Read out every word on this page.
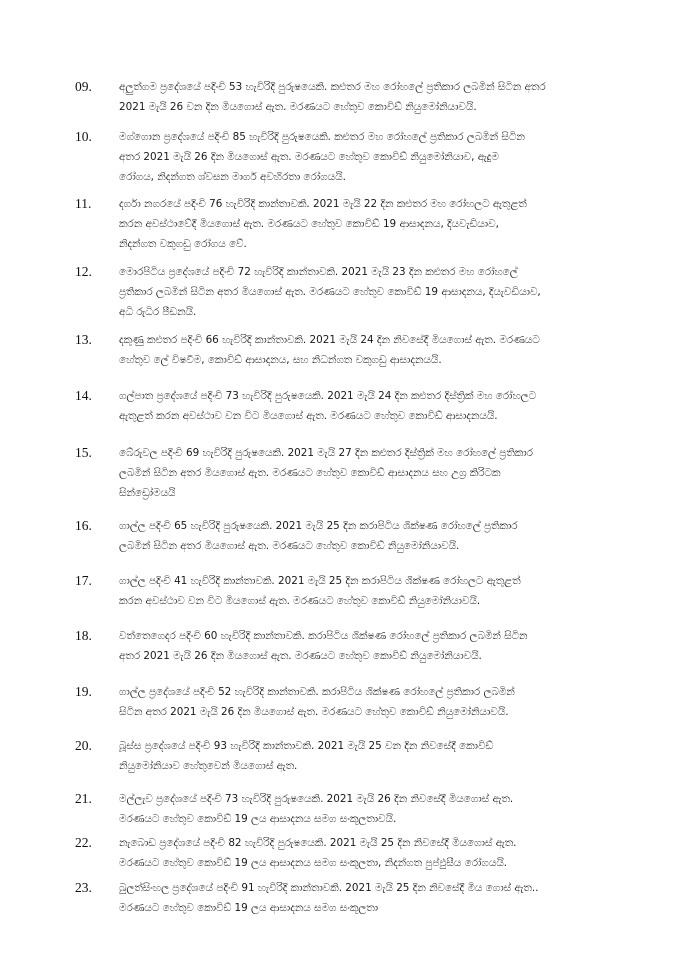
09.	අලුත්ගම ප්‍රදේශයේ පදිංචි 53 හැවිරිදි පුරුෂයෙකි. කළුතර මහ රෝහලේ ප්‍රතිකාර ලබමින් සිටින අතර
2021 මැයි 26 වන දින මියගොස් ඇත. මරණයට හේතුව කොවිඩ් නියුමෝනියාවයි.
10.	මග්ගොන ප්‍රදේශයේ පදිංචි 85 හැවිරිදි පුරුෂයෙකි. කළුතර මහ රෝහලේ ප්‍රතිකාර ලබමින් සිටින
අතර 2021 මැයි 26 දින මියගොස් ඇත. මරණයට හේතුව කොවිඩ් නියුමෝනියාව, ඇදුම
රෝගය, නිදන්ගත ශ්වසන මාර්ග අවහිරතා රෝගයයි.
11.	දර්ගා නගරයේ පදිංචි 76 හැවිරිදි කාන්තාවකි. 2021 මැයි 22 දින කළුතර මහ රෝහලට ඇතුළත්
කරන අවස්ථාවේදී මියගොස් ඇත. මරණයට හේතුව කොවිඩ් 19 ආසාදනය, දියවැඩියාව,
නිදන්ගත වකුගඩු රෝගය වේ.
12.	මොරපිටිය ප්‍රදේශයේ පදිංචි 72 හැවිරිදි කාන්තාවකි. 2021 මැයි 23 දින කළුතර මහ රෝහලේ
ප්‍රතිකාර ලබමින් සිටින අතර මියගොස් ඇත. මරණයට හේතුව කොවිඩ් 19 ආසාදනය, දියැවඩියාව,
අධි රුධිර පීඩනයි.
13.	දකුණු කළුතර පදිංචි 66 හැවිරිදි කාන්තාවකි. 2021 මැයි 24 දින නිවසේදී මියගොස් ඇත. මරණයට
හේතුව ලේ විෂවීම, කොවිඩ් ආසාදනය, සහ නිධන්ගත වකුගඩු ආසාදනයයි.
14.	ගල්පාත ප්‍රදේශයේ පදිංචි 73 හැවිරිදි පුරුෂයෙකි. 2021 මැයි 24 දින කළුතර දිස්ත්‍රික් මහ රෝහලට
ඇතුළත් කරන අවස්ථාව වන විට මියගොස් ඇත. මරණයට හේතුව කොවිඩ් ආසාදනයයි.
15.	බේරුවල පදිංචි 69 හැවිරිදි පුරුෂයෙකි. 2021 මැයි 27 දින කළුතර දිස්ත්‍රික් මහ රෝහලේ ප්‍රතිකාර
ලබමින් සිටින අතර මියගොස් ඇත. මරණයට හේතුව කොවිඩ් ආසාදනය සහ උග්‍ර කිරිටක
සින්ඩ්‍රෝමයයි
16.	ගාල්ල පදිංචි 65 හැවිරිදි පුරුෂයෙකි. 2021 මැයි 25 දින කරාපිටිය ශික්ෂණ රෝහලේ ප්‍රතිකාර
ලබමින් සිටින අතර මියගොස් ඇත. මරණයට හේතුව කොවිඩ් නියුමෝනියාවයි.
17.	ගාල්ල පදිංචි 41 හැවිරිදි කාන්තාවකි. 2021 මැයි 25 දින කරාපිටිය ශික්ෂණ රෝහලට ඇතුළත්
කරන අවස්ථාව වන විට මියගොස් ඇත. මරණයට හේතුව කොවිඩ් නියුමෝනියාවයි.
18.	වත්තෙගෙදර පදිංචි 60 හැවිරිදි කාන්තාවකි. කරාපිටිය ශික්ෂණ රෝහලේ ප්‍රතිකාර ලබමින් සිටින
අතර 2021 මැයි 26 දින මියගොස් ඇත. මරණයට හේතුව කොවිඩ් නියුමෝනියාවයි.
19.	ගාල්ල ප්‍රදේශයේ පදිංචි 52 හැවිරිදි කාන්තාවකි. කරාපිටිය ශික්ෂණ රෝහලේ ප්‍රතිකාර ලබමින්
සිටින අතර 2021 මැයි 26 දින මියගොස් ඇත. මරණයට හේතුව කොවිඩ් නියුමෝනියාවයි.
20.	බූස්ස ප්‍රදේශයේ පදිංචි 93 හැවිරිදි කාන්තාවකි. 2021 මැයි 25 වන දින නිවසේදී කොවිඩ්
නියුමෝනියාව හේතුවෙන් මියගොස් ඇත.
21.	මල්ලැව ප්‍රදේශයේ පදිංචි 73 හැවිරිදි පුරුෂයෙකි. 2021 මැයි 26 දින නිවසේදී මියගොස් ඇත.
මරණයට හේතුව කොවිඩ් 19 ලය ආසාදනය සමග සංකූලතාවයි.
22.	නැබොඩ ප්‍රදේශයේ පදිංචි 82 හැවිරිදි පුරුෂයෙකි. 2021 මැයි 25 දින නිවසේදී මියගොස් ඇත.
මරණයට හේතුව කොවිඩ් 19 ලය ආසාදනය සමග සංකූලතා, නිදන්ගත පුප්ඵුසීය රෝගයයි.
23.	බුලත්සිංහල ප්‍රදේශයේ පදිංචි 91 හැවිරිදි කාන්තාවකි. 2021 මැයි 25 දින නිවසේදී මිය ගොස් ඇත..
මරණයට හේතුව කොවිඩ් 19 ලය ආසාදනය සමග සංකූලතා
